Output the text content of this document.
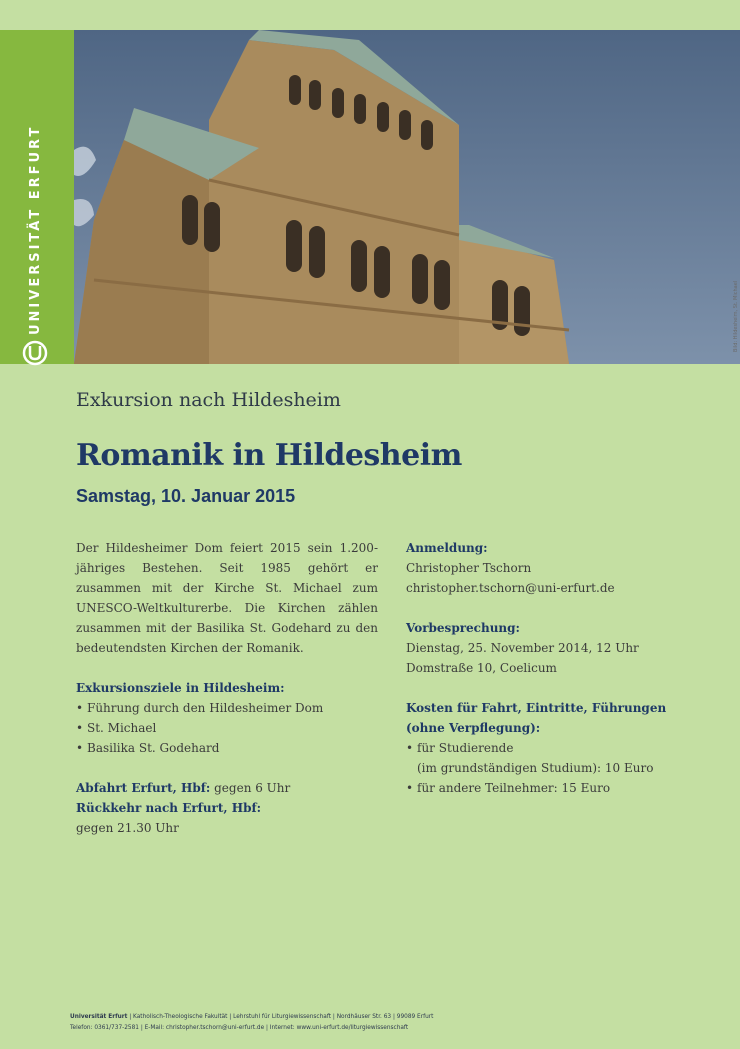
UNIVERSITÄT ERFURT	Bild: Hildesheim, St. Michael
Exkursion nach Hildesheim
Romanik in Hildesheim
Samstag, 10. Januar 2015

Der Hildesheimer Dom feiert 2015 sein 1.200-jähriges Bestehen. Seit 1985 gehört er zusammen mit der Kirche St. Michael zum UNESCO-Weltkulturerbe. Die Kirchen zählen zusammen mit der Basilika St. Godehard zu den bedeutendsten Kirchen der Romanik.

Exkursionsziele in Hildesheim:
• Führung durch den Hildesheimer Dom
• St. Michael
• Basilika St. Godehard
Abfahrt Erfurt, Hbf: gegen 6 Uhr
Rückkehr nach Erfurt, Hbf:
gegen 21.30 Uhr
Anmeldung:
Christopher Tschorn
christopher.tschorn@uni-erfurt.de
Vorbesprechung:
Dienstag, 25. November 2014, 12 Uhr
Domstraße 10, Coelicum
Kosten für Fahrt, Eintritte, Führungen (ohne Verpflegung):
• für Studierende
(im grundständigen Studium): 10 Euro
• für andere Teilnehmer: 15 Euro
Universität Erfurt | Katholisch-Theologische Fakultät | Lehrstuhl für Liturgiewissenschaft | Nordhäuser Str. 63 | 99089 Erfurt
Telefon: 0361/737-2581 | E-Mail: christopher.tschorn@uni-erfurt.de | Internet: www.uni-erfurt.de/liturgiewissenschaft
